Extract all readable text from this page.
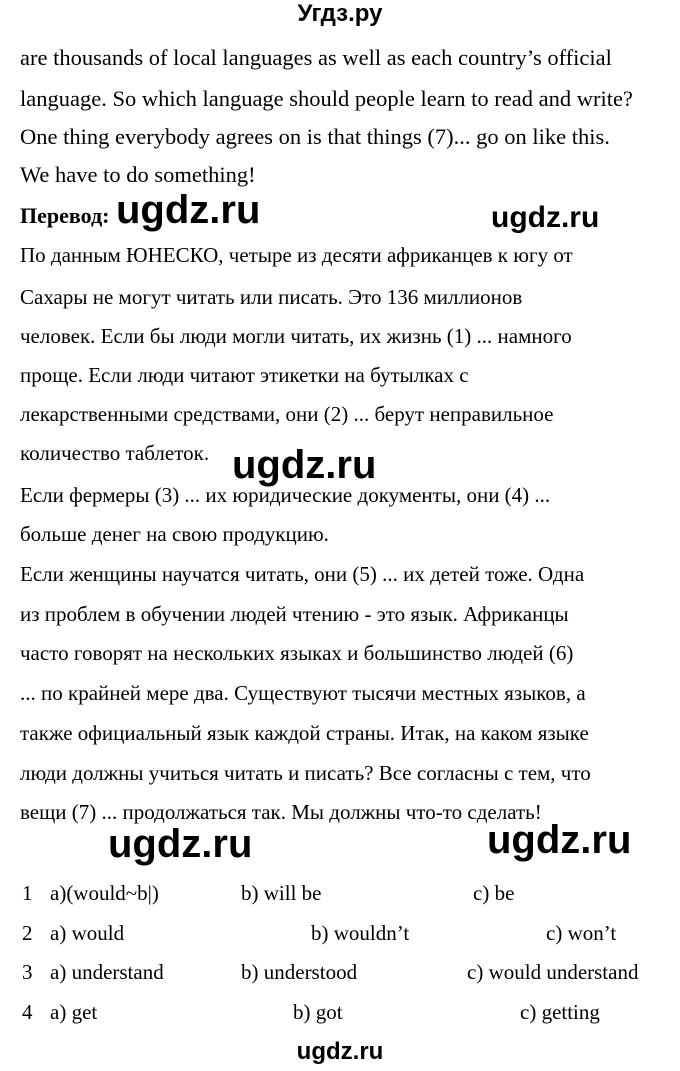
Угдз.ру
are thousands of local languages as well as each country’s official
language. So which language should people learn to read and write?
One thing everybody agrees on is that things (7)... go on like this.
We have to do something!
Перевод: ugdz.ru	ugdz.ru
По данным ЮНЕСКО, четыре из десяти африканцев к югу от
Сахары не могут читать или писать. Это 136 миллионов
человек. Если бы люди могли читать, их жизнь (1) ... намного
проще. Если люди читают этикетки на бутылках с
лекарственными средствами, они (2) ... берут неправильное
количество таблеток. ugdz.ru
Если фермеры (3) ... их юридические документы, они (4) ...
больше денег на свою продукцию.
Если женщины научатся читать, они (5) ... их детей тоже. Одна
из проблем в обучении людей чтению - это язык. Африканцы
часто говорят на нескольких языках и большинство людей (6)
... по крайней мере два. Существуют тысячи местных языков, а
также официальный язык каждой страны. Итак, на каком языке
люди должны учиться читать и писать? Все согласны с тем, что
вещи (7) ... продолжаться так. Мы должны что-то сделать!
ugdz.ru	ugdz.ru
1 a)(would~b|)	b) will be	c) be
2 a) would	b) wouldn’t	c) won’t
3 a) understand	b) understood	c) would understand
4 a) get	b) got	c) getting
ugdz.ru
